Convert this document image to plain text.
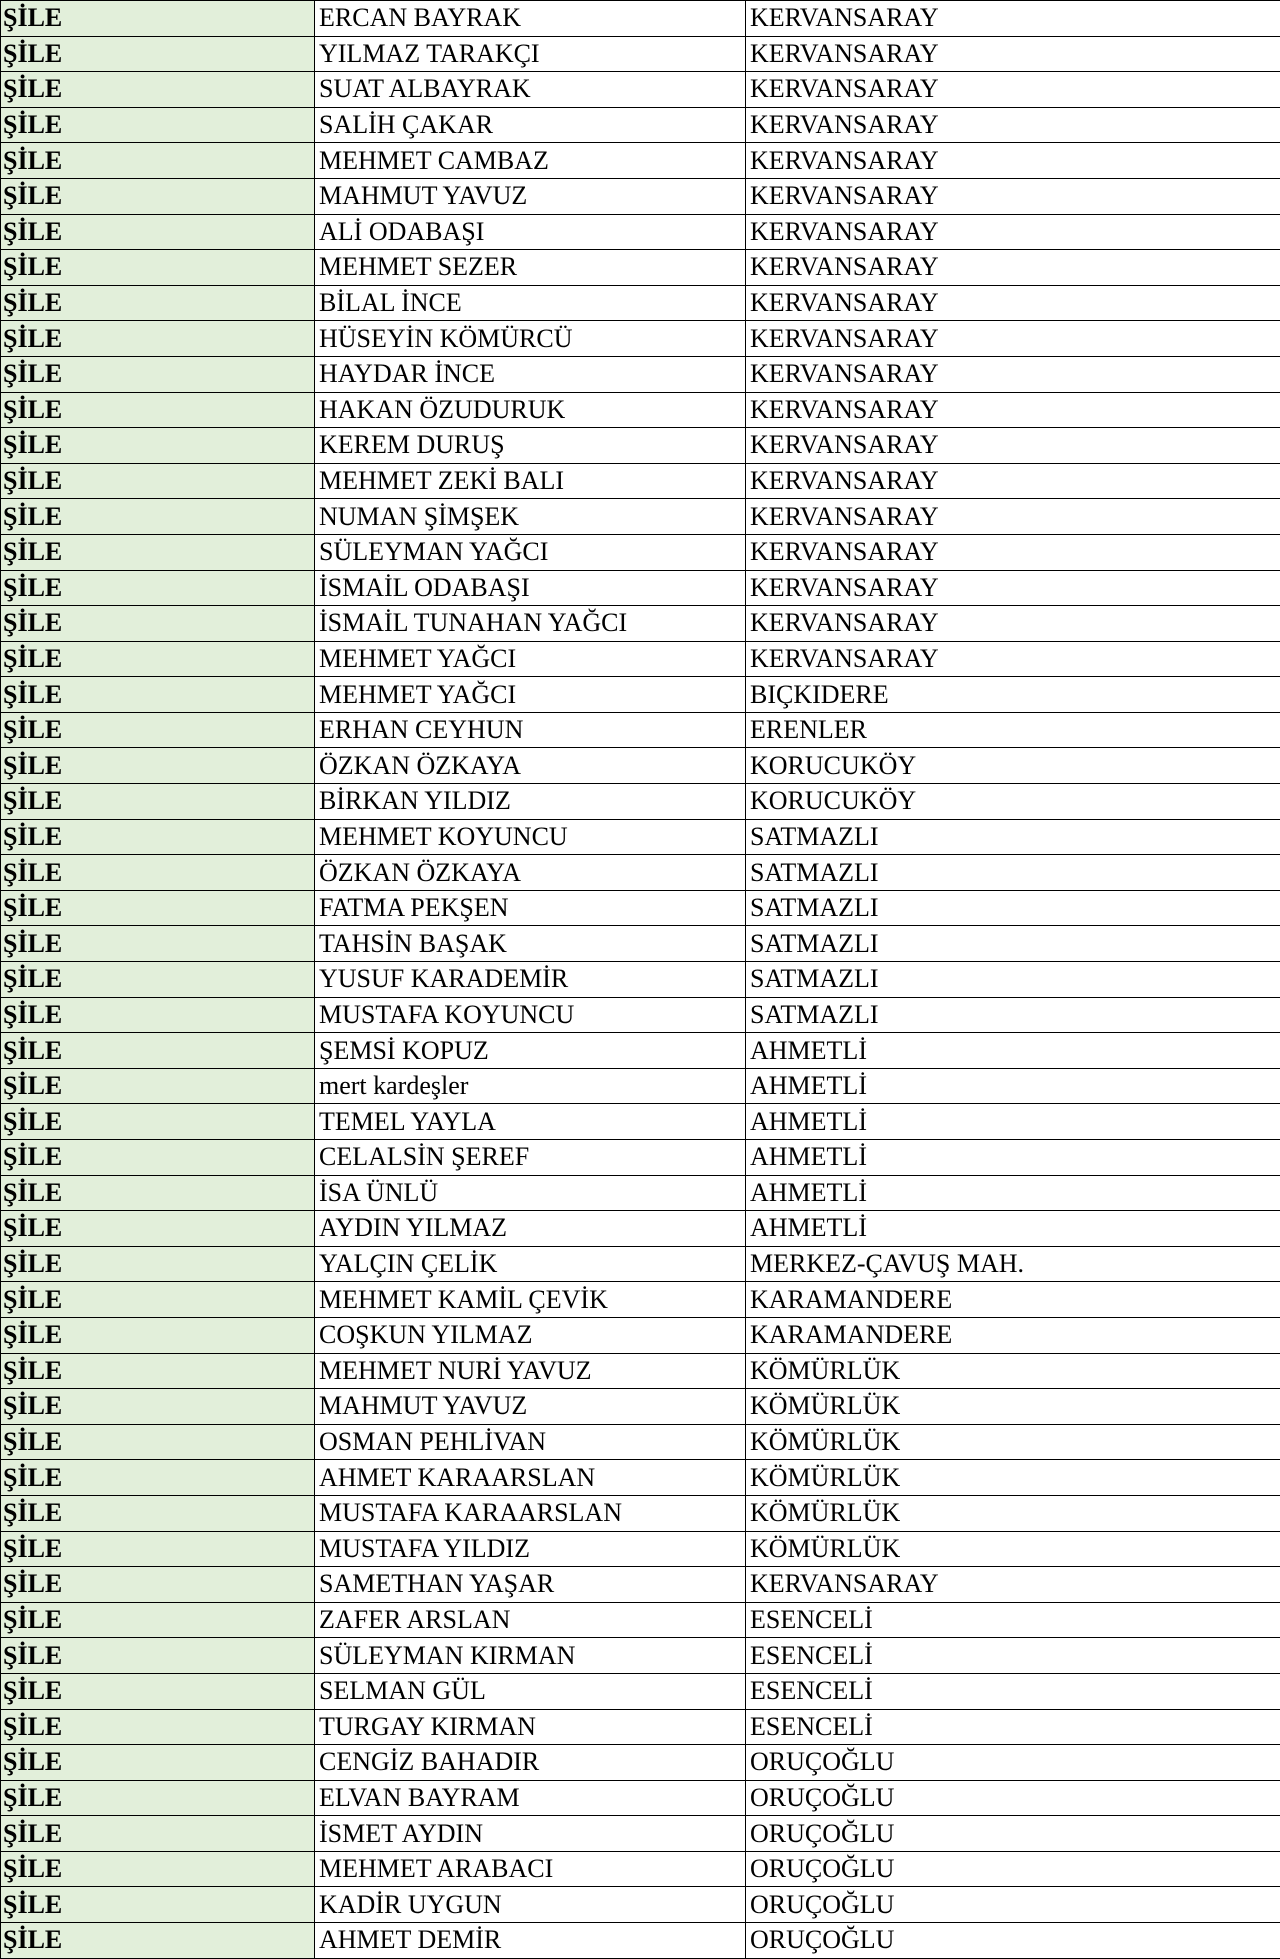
ŞİLE	ERCAN BAYRAK	KERVANSARAY
ŞİLE	YILMAZ TARAKÇI	KERVANSARAY
ŞİLE	SUAT ALBAYRAK	KERVANSARAY
ŞİLE	SALİH ÇAKAR	KERVANSARAY
ŞİLE	MEHMET CAMBAZ	KERVANSARAY
ŞİLE	MAHMUT YAVUZ	KERVANSARAY
ŞİLE	ALİ ODABAŞI	KERVANSARAY
ŞİLE	MEHMET SEZER	KERVANSARAY
ŞİLE	BİLAL İNCE	KERVANSARAY
ŞİLE	HÜSEYİN KÖMÜRCÜ	KERVANSARAY
ŞİLE	HAYDAR İNCE	KERVANSARAY
ŞİLE	HAKAN ÖZUDURUK	KERVANSARAY
ŞİLE	KEREM DURUŞ	KERVANSARAY
ŞİLE	MEHMET ZEKİ BALI	KERVANSARAY
ŞİLE	NUMAN ŞİMŞEK	KERVANSARAY
ŞİLE	SÜLEYMAN YAĞCI	KERVANSARAY
ŞİLE	İSMAİL ODABAŞI	KERVANSARAY
ŞİLE	İSMAİL TUNAHAN YAĞCI	KERVANSARAY
ŞİLE	MEHMET YAĞCI	KERVANSARAY
ŞİLE	MEHMET YAĞCI	BIÇKIDERE
ŞİLE	ERHAN CEYHUN	ERENLER
ŞİLE	ÖZKAN ÖZKAYA	KORUCUKÖY
ŞİLE	BİRKAN YILDIZ	KORUCUKÖY
ŞİLE	MEHMET KOYUNCU	SATMAZLI
ŞİLE	ÖZKAN ÖZKAYA	SATMAZLI
ŞİLE	FATMA PEKŞEN	SATMAZLI
ŞİLE	TAHSİN BAŞAK	SATMAZLI
ŞİLE	YUSUF KARADEMİR	SATMAZLI
ŞİLE	MUSTAFA KOYUNCU	SATMAZLI
ŞİLE	ŞEMSİ KOPUZ	AHMETLİ
ŞİLE	mert kardeşler	AHMETLİ
ŞİLE	TEMEL YAYLA	AHMETLİ
ŞİLE	CELALSİN ŞEREF	AHMETLİ
ŞİLE	İSA ÜNLÜ	AHMETLİ
ŞİLE	AYDIN YILMAZ	AHMETLİ
ŞİLE	YALÇIN ÇELİK	MERKEZ-ÇAVUŞ MAH.
ŞİLE	MEHMET KAMİL ÇEVİK	KARAMANDERE
ŞİLE	COŞKUN YILMAZ	KARAMANDERE
ŞİLE	MEHMET NURİ YAVUZ	KÖMÜRLÜK
ŞİLE	MAHMUT YAVUZ	KÖMÜRLÜK
ŞİLE	OSMAN PEHLİVAN	KÖMÜRLÜK
ŞİLE	AHMET KARAARSLAN	KÖMÜRLÜK
ŞİLE	MUSTAFA KARAARSLAN	KÖMÜRLÜK
ŞİLE	MUSTAFA YILDIZ	KÖMÜRLÜK
ŞİLE	SAMETHAN YAŞAR	KERVANSARAY
ŞİLE	ZAFER ARSLAN	ESENCELİ
ŞİLE	SÜLEYMAN KIRMAN	ESENCELİ
ŞİLE	SELMAN GÜL	ESENCELİ
ŞİLE	TURGAY KIRMAN	ESENCELİ
ŞİLE	CENGİZ BAHADIR	ORUÇOĞLU
ŞİLE	ELVAN BAYRAM	ORUÇOĞLU
ŞİLE	İSMET AYDIN	ORUÇOĞLU
ŞİLE	MEHMET ARABACI	ORUÇOĞLU
ŞİLE	KADİR UYGUN	ORUÇOĞLU
ŞİLE	AHMET DEMİR	ORUÇOĞLU
